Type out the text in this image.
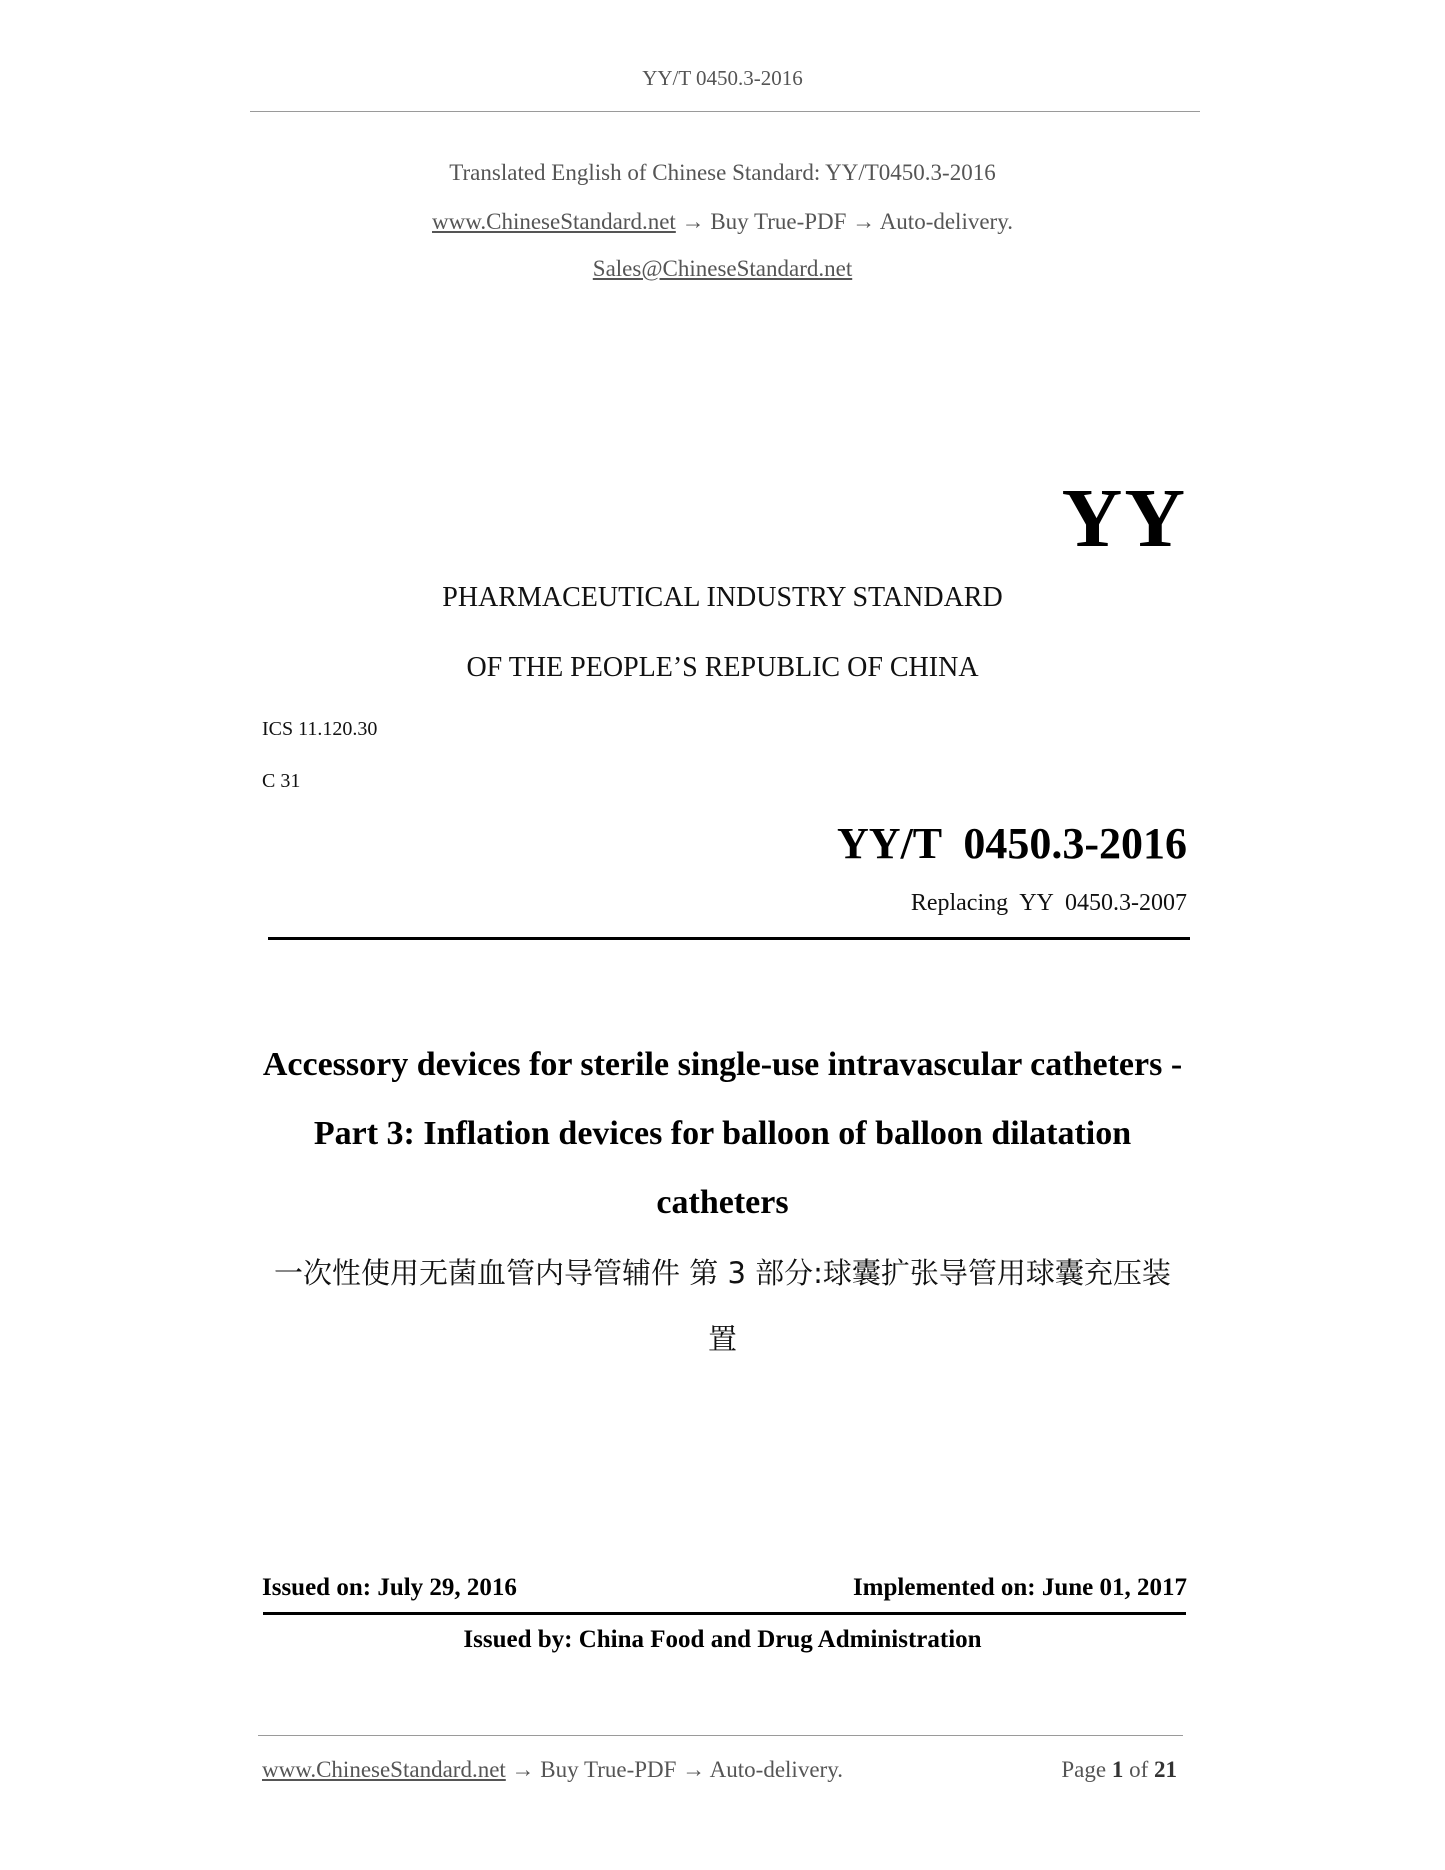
YY/T 0450.3-2016
Translated English of Chinese Standard: YY/T0450.3-2016
www.ChineseStandard.net → Buy True-PDF → Auto-delivery.
Sales@ChineseStandard.net
YY
PHARMACEUTICAL INDUSTRY STANDARD
OF THE PEOPLE’S REPUBLIC OF CHINA
ICS 11.120.30
C 31
YY/T  0450.3-2016
Replacing  YY  0450.3-2007
Accessory devices for sterile single-use intravascular catheters - Part 3: Inflation devices for balloon of balloon dilatation catheters
一次性使用无菌血管内导管辅件 第 3 部分:球囊扩张导管用球囊充压装置
Issued on: July 29, 2016	Implemented on: June 01, 2017
Issued by: China Food and Drug Administration
www.ChineseStandard.net → Buy True-PDF → Auto-delivery.	Page 1 of 21
